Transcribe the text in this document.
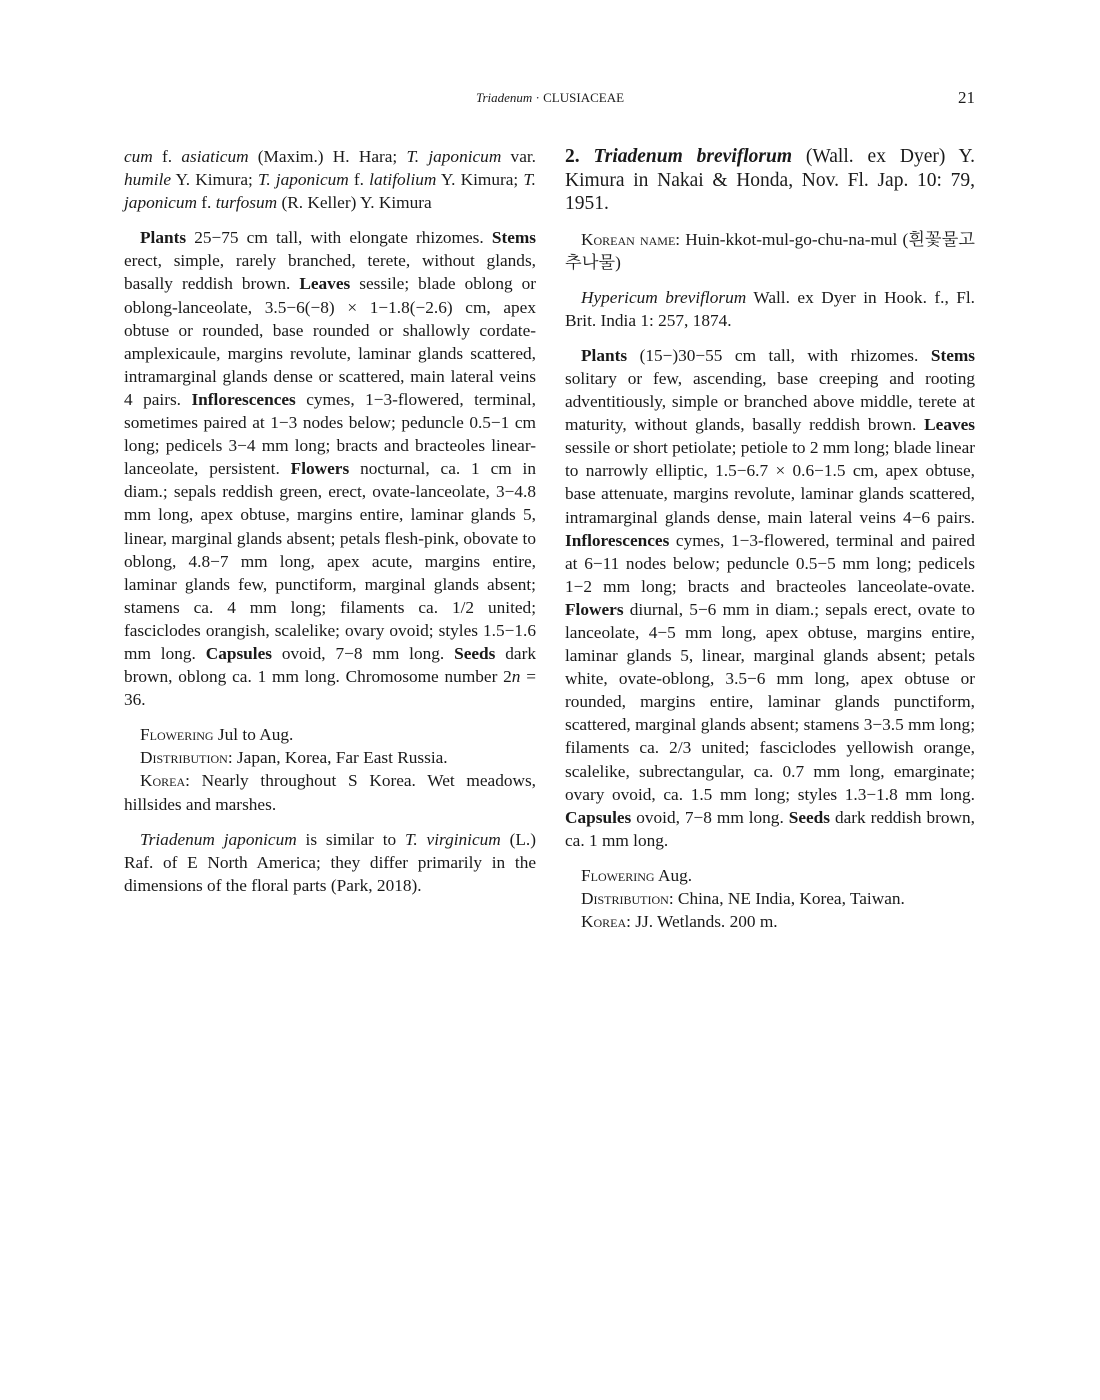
Triadenum · CLUSIACEAE	21

cum f. asiaticum (Maxim.) H. Hara; T. japonicum var. humile Y. Kimura; T. japonicum f. latifolium Y. Kimura; T. japonicum f. turfosum (R. Keller) Y. Kimura

Plants 25−75 cm tall, with elongate rhizomes. Stems erect, simple, rarely branched, terete, without glands, basally reddish brown. Leaves sessile; blade oblong or oblong-lanceolate, 3.5−6(−8) × 1−1.8(−2.6) cm, apex obtuse or rounded, base rounded or shallowly cordate-amplexicaule, margins revolute, laminar glands scattered, intramarginal glands dense or scattered, main lateral veins 4 pairs. Inflorescences cymes, 1−3-flowered, terminal, sometimes paired at 1−3 nodes below; peduncle 0.5−1 cm long; pedicels 3−4 mm long; bracts and bracteoles linear-lanceolate, persistent. Flowers nocturnal, ca. 1 cm in diam.; sepals reddish green, erect, ovate-lanceolate, 3−4.8 mm long, apex obtuse, margins entire, laminar glands 5, linear, marginal glands absent; petals flesh-pink, obovate to oblong, 4.8−7 mm long, apex acute, margins entire, laminar glands few, punctiform, marginal glands absent; stamens ca. 4 mm long; filaments ca. 1/2 united; fasciclodes orangish, scalelike; ovary ovoid; styles 1.5−1.6 mm long. Capsules ovoid, 7−8 mm long. Seeds dark brown, oblong ca. 1 mm long. Chromosome number 2n = 36.

Flowering Jul to Aug.

Distribution: Japan, Korea, Far East Russia.

Korea: Nearly throughout S Korea. Wet meadows, hillsides and marshes.

Triadenum japonicum is similar to T. virginicum (L.) Raf. of E North America; they differ primarily in the dimensions of the floral parts (Park, 2018).

2. Triadenum breviflorum (Wall. ex Dyer) Y. Kimura in Nakai & Honda, Nov. Fl. Jap. 10: 79, 1951.

Korean name: Huin-kkot-mul-go-chu-na-mul (흰꽃물고추나물)

Hypericum breviflorum Wall. ex Dyer in Hook. f., Fl. Brit. India 1: 257, 1874.

Plants (15−)30−55 cm tall, with rhizomes. Stems solitary or few, ascending, base creeping and rooting adventitiously, simple or branched above middle, terete at maturity, without glands, basally reddish brown. Leaves sessile or short petiolate; petiole to 2 mm long; blade linear to narrowly elliptic, 1.5−6.7 × 0.6−1.5 cm, apex obtuse, base attenuate, margins revolute, laminar glands scattered, intramarginal glands dense, main lateral veins 4−6 pairs. Inflorescences cymes, 1−3-flowered, terminal and paired at 6−11 nodes below; peduncle 0.5−5 mm long; pedicels 1−2 mm long; bracts and bracteoles lanceolate-ovate. Flowers diurnal, 5−6 mm in diam.; sepals erect, ovate to lanceolate, 4−5 mm long, apex obtuse, margins entire, laminar glands 5, linear, marginal glands absent; petals white, ovate-oblong, 3.5−6 mm long, apex obtuse or rounded, margins entire, laminar glands punctiform, scattered, marginal glands absent; stamens 3−3.5 mm long; filaments ca. 2/3 united; fasciclodes yellowish orange, scalelike, subrectangular, ca. 0.7 mm long, emarginate; ovary ovoid, ca. 1.5 mm long; styles 1.3−1.8 mm long. Capsules ovoid, 7−8 mm long. Seeds dark reddish brown, ca. 1 mm long.

Flowering Aug.

Distribution: China, NE India, Korea, Taiwan.

Korea: JJ. Wetlands. 200 m.
